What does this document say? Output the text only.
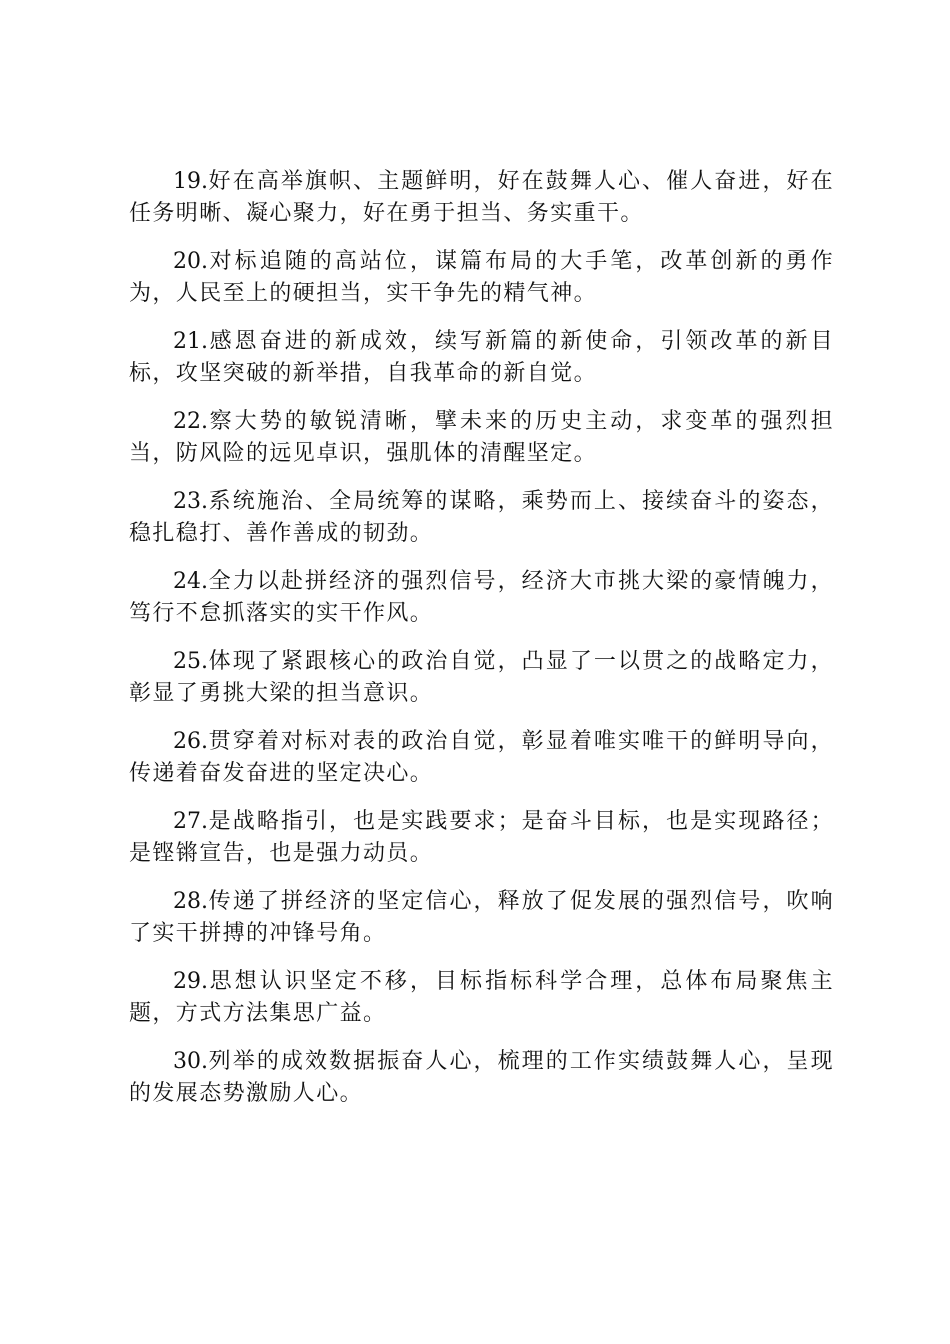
19.好在高举旗帜、主题鲜明，好在鼓舞人心、催人奋进，好在任务明晰、凝心聚力，好在勇于担当、务实重干。

20.对标追随的高站位，谋篇布局的大手笔，改革创新的勇作为，人民至上的硬担当，实干争先的精气神。

21.感恩奋进的新成效，续写新篇的新使命，引领改革的新目标，攻坚突破的新举措，自我革命的新自觉。

22.察大势的敏锐清晰，擘未来的历史主动，求变革的强烈担当，防风险的远见卓识，强肌体的清醒坚定。

23.系统施治、全局统筹的谋略，乘势而上、接续奋斗的姿态，稳扎稳打、善作善成的韧劲。

24.全力以赴拼经济的强烈信号，经济大市挑大梁的豪情魄力，笃行不怠抓落实的实干作风。

25.体现了紧跟核心的政治自觉，凸显了一以贯之的战略定力，彰显了勇挑大梁的担当意识。

26.贯穿着对标对表的政治自觉，彰显着唯实唯干的鲜明导向，传递着奋发奋进的坚定决心。

27.是战略指引，也是实践要求；是奋斗目标，也是实现路径；是铿锵宣告，也是强力动员。

28.传递了拼经济的坚定信心，释放了促发展的强烈信号，吹响了实干拼搏的冲锋号角。

29.思想认识坚定不移，目标指标科学合理，总体布局聚焦主题，方式方法集思广益。

30.列举的成效数据振奋人心，梳理的工作实绩鼓舞人心，呈现的发展态势激励人心。
